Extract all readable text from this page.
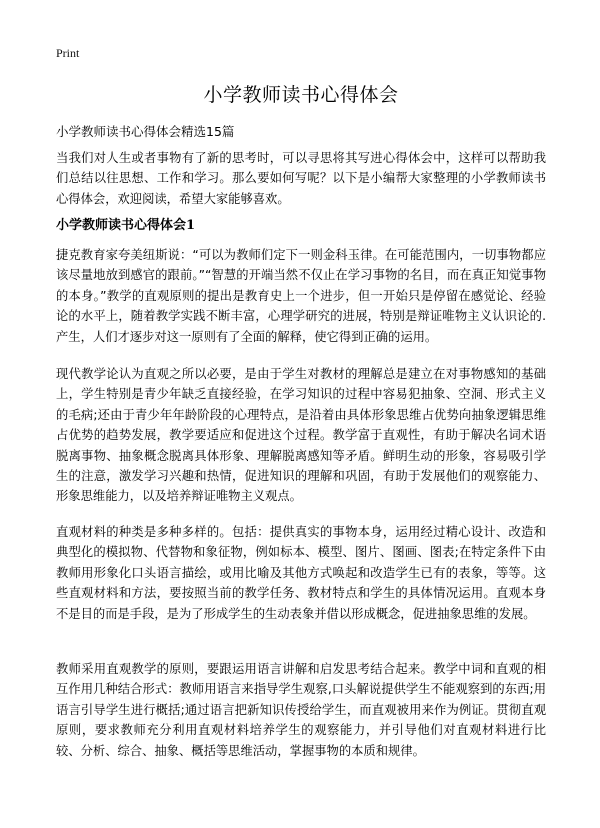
Print
小学教师读书心得体会

小学教师读书心得体会精选15篇

当我们对人生或者事物有了新的思考时，可以寻思将其写进心得体会中，这样可以帮助我们总结以往思想、工作和学习。那么要如何写呢？以下是小编帮大家整理的小学教师读书心得体会，欢迎阅读，希望大家能够喜欢。

小学教师读书心得体会1

捷克教育家夸美纽斯说：“可以为教师们定下一则金科玉律。在可能范围内，一切事物都应该尽量地放到感官的跟前。”“智慧的开端当然不仅止在学习事物的名目，而在真正知觉事物的本身。”教学的直观原则的提出是教育史上一个进步，但一开始只是停留在感觉论、经验论的水平上，随着教学实践不断丰富，心理学研究的进展，特别是辩证唯物主义认识论的.产生，人们才逐步对这一原则有了全面的解释，使它得到正确的运用。

现代教学论认为直观之所以必要，是由于学生对教材的理解总是建立在对事物感知的基础上，学生特别是青少年缺乏直接经验，在学习知识的过程中容易犯抽象、空洞、形式主义的毛病;还由于青少年年龄阶段的心理特点，是沿着由具体形象思维占优势向抽象逻辑思维占优势的趋势发展，教学要适应和促进这个过程。教学富于直观性，有助于解决名词术语脱离事物、抽象概念脱离具体形象、理解脱离感知等矛盾。鲜明生动的形象，容易吸引学生的注意，激发学习兴趣和热情，促进知识的理解和巩固，有助于发展他们的观察能力、形象思维能力，以及培养辩证唯物主义观点。

直观材料的种类是多种多样的。包括：提供真实的事物本身，运用经过精心设计、改造和典型化的模拟物、代替物和象征物，例如标本、模型、图片、图画、图表;在特定条件下由教师用形象化口头语言描绘，或用比喻及其他方式唤起和改造学生已有的表象，等等。这些直观材料和方法，要按照当前的教学任务、教材特点和学生的具体情况运用。直观本身不是目的而是手段，是为了形成学生的生动表象并借以形成概念，促进抽象思维的发展。

教师采用直观教学的原则，要跟运用语言讲解和启发思考结合起来。教学中词和直观的相互作用几种结合形式：教师用语言来指导学生观察,口头解说提供学生不能观察到的东西;用语言引导学生进行概括;通过语言把新知识传授给学生，而直观被用来作为例证。贯彻直观原则，要求教师充分利用直观材料培养学生的观察能力，并引导他们对直观材料进行比较、分析、综合、抽象、概括等思维活动，掌握事物的本质和规律。
